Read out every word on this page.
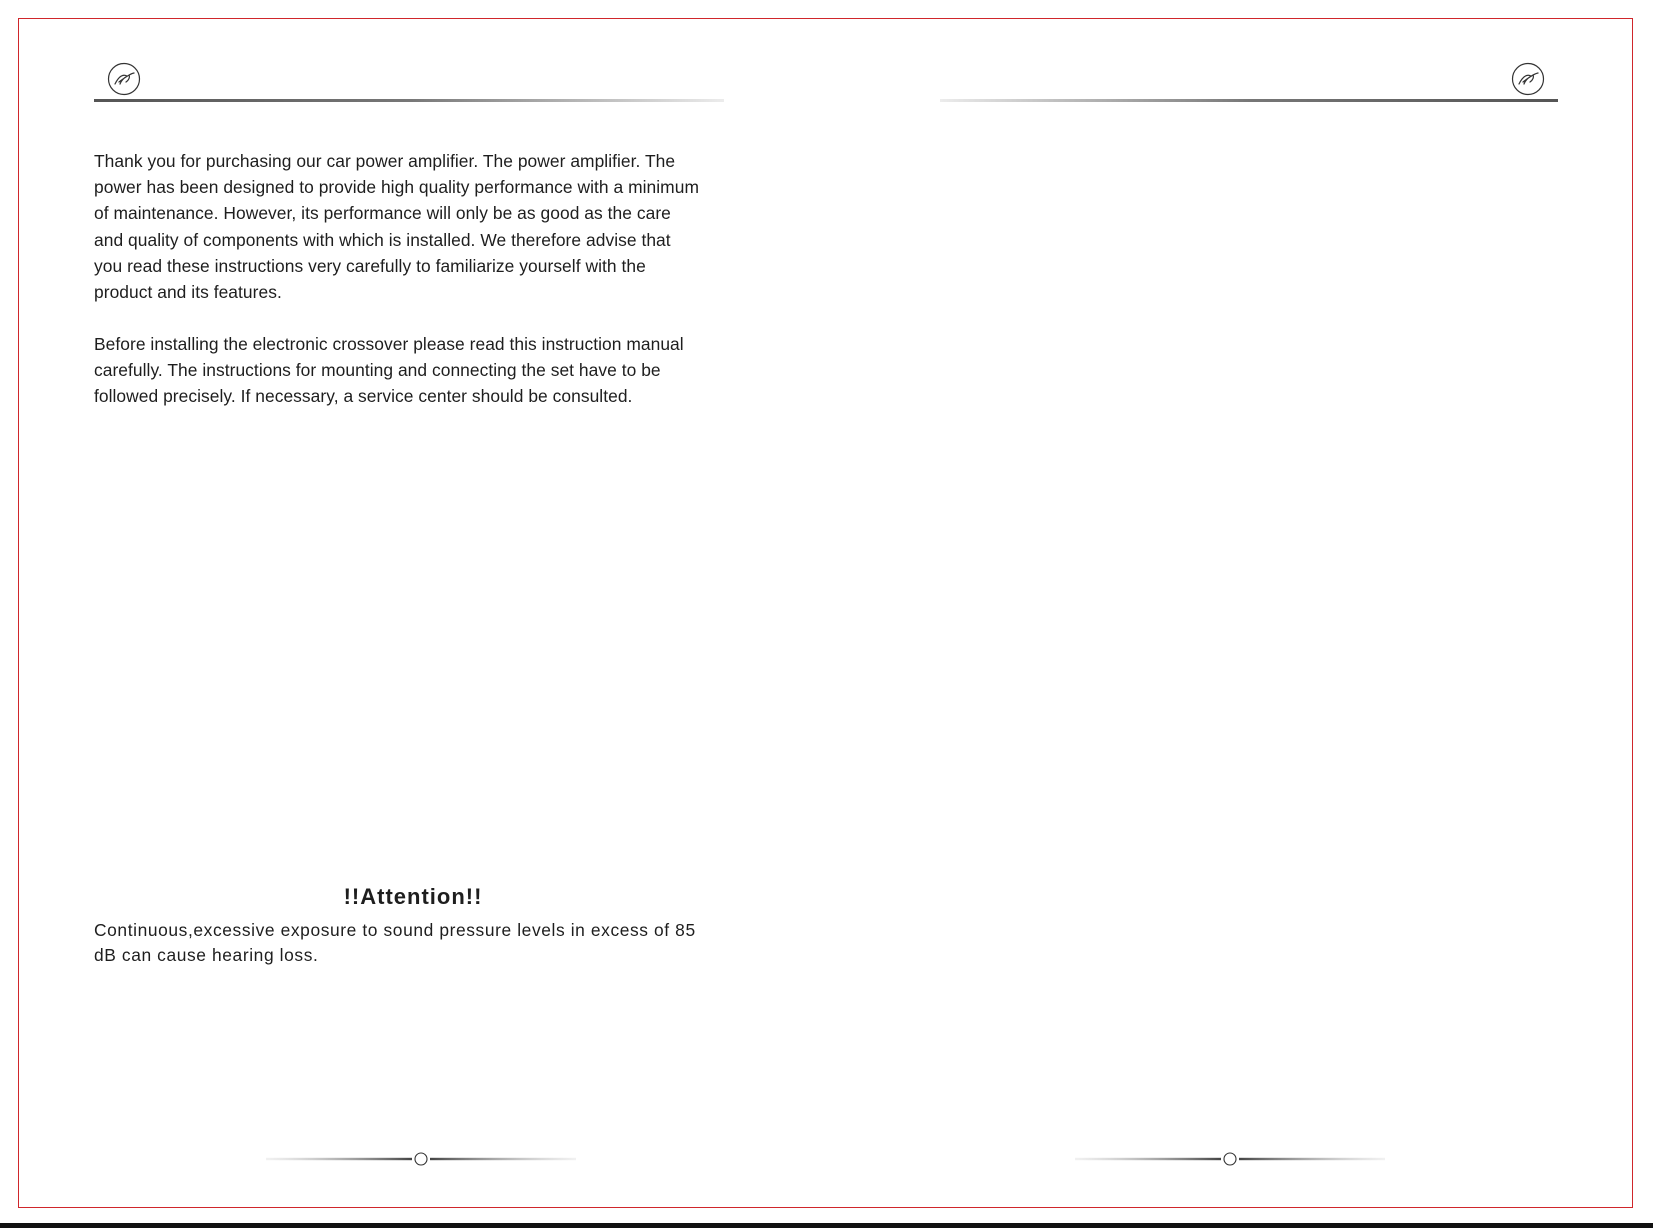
Thank you for purchasing our car power amplifier. The power amplifier. The
power has been designed to provide high quality performance with a minimum
of maintenance. However, its performance will only be as good as the care
and quality of components with which is installed. We therefore advise that
you read these instructions very carefully to familiarize yourself with the
product and its features.
Before installing the electronic crossover please read this instruction manual
carefully. The instructions for mounting and connecting the set have to be
followed precisely. If necessary, a service center should be consulted.
!!Attention!!
Continuous,excessive exposure to sound pressure levels in excess of 85
dB can cause hearing loss.
